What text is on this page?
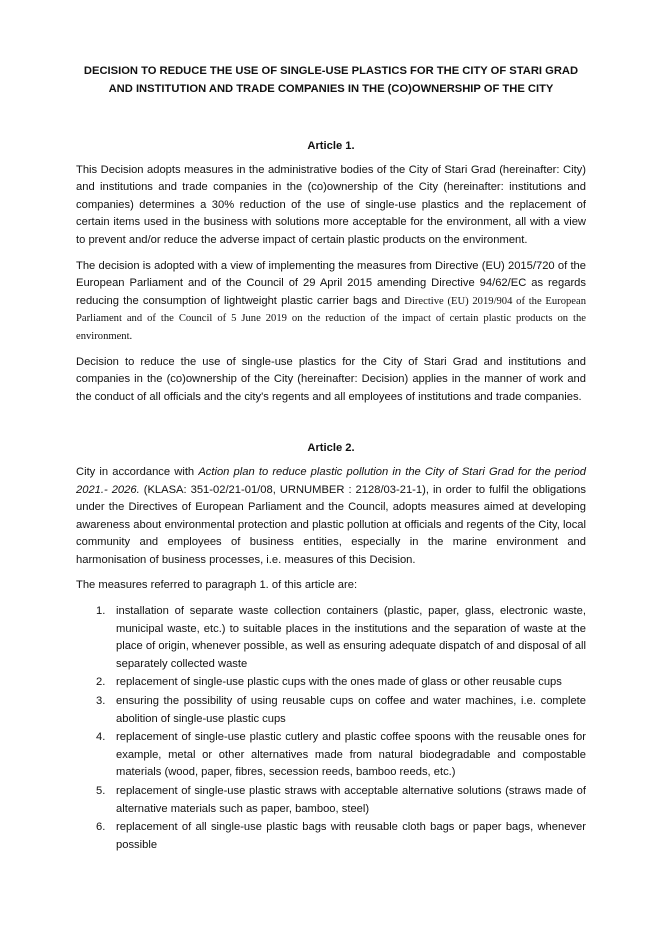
DECISION TO REDUCE THE USE OF SINGLE-USE PLASTICS FOR THE CITY OF STARI GRAD AND INSTITUTION AND TRADE COMPANIES IN THE (CO)OWNERSHIP OF THE CITY
Article 1.

This Decision adopts measures in the administrative bodies of the City of Stari Grad (hereinafter: City) and institutions and trade companies in the (co)ownership of the City (hereinafter: institutions and companies) determines a 30% reduction of the use of single-use plastics and the replacement of certain items used in the business with solutions more acceptable for the environment, all with a view to prevent and/or reduce the adverse impact of certain plastic products on the environment.

The decision is adopted with a view of implementing the measures from Directive (EU) 2015/720 of the European Parliament and of the Council of 29 April 2015 amending Directive 94/62/EC as regards reducing the consumption of lightweight plastic carrier bags and Directive (EU) 2019/904 of the European Parliament and of the Council of 5 June 2019 on the reduction of the impact of certain plastic products on the environment.

Decision to reduce the use of single-use plastics for the City of Stari Grad and institutions and companies in the (co)ownership of the City (hereinafter: Decision) applies in the manner of work and the conduct of all officials and the city's regents and all employees of institutions and trade companies.

Article 2.

City in accordance with Action plan to reduce plastic pollution in the City of Stari Grad for the period 2021.- 2026. (KLASA: 351-02/21-01/08, URNUMBER : 2128/03-21-1), in order to fulfil the obligations under the Directives of European Parliament and the Council, adopts measures aimed at developing awareness about environmental protection and plastic pollution at officials and regents of the City, local community and employees of business entities, especially in the marine environment and harmonisation of business processes, i.e. measures of this Decision.

The measures referred to paragraph 1. of this article are:

1. installation of separate waste collection containers (plastic, paper, glass, electronic waste, municipal waste, etc.) to suitable places in the institutions and the separation of waste at the place of origin, whenever possible, as well as ensuring adequate dispatch of and disposal of all separately collected waste
2. replacement of single-use plastic cups with the ones made of glass or other reusable cups
3. ensuring the possibility of using reusable cups on coffee and water machines, i.e. complete abolition of single-use plastic cups
4. replacement of single-use plastic cutlery and plastic coffee spoons with the reusable ones for example, metal or other alternatives made from natural biodegradable and compostable materials (wood, paper, fibres, secession reeds, bamboo reeds, etc.)
5. replacement of single-use plastic straws with acceptable alternative solutions (straws made of alternative materials such as paper, bamboo, steel)
6. replacement of all single-use plastic bags with reusable cloth bags or paper bags, whenever possible
